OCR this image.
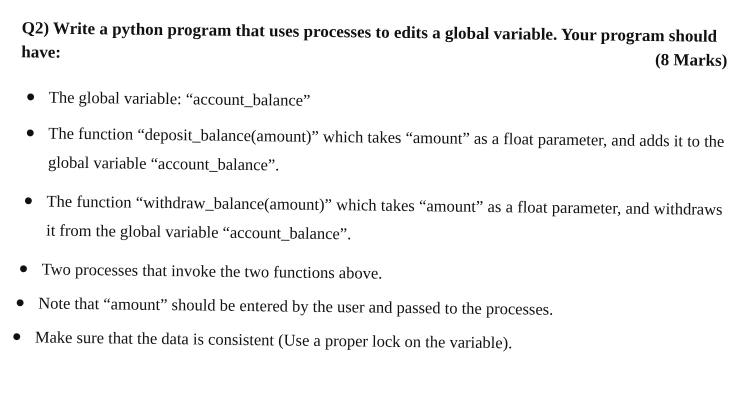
Q2) Write a python program that uses processes to edits a global variable. Your program should have:	(8 Marks)
● The global variable: “account_balance”
● The function “deposit_balance(amount)” which takes “amount” as a float parameter, and adds it to the global variable “account_balance”.
● The function “withdraw_balance(amount)” which takes “amount” as a float parameter, and withdraws it from the global variable “account_balance”.
● Two processes that invoke the two functions above.
● Note that “amount” should be entered by the user and passed to the processes.
● Make sure that the data is consistent (Use a proper lock on the variable).
